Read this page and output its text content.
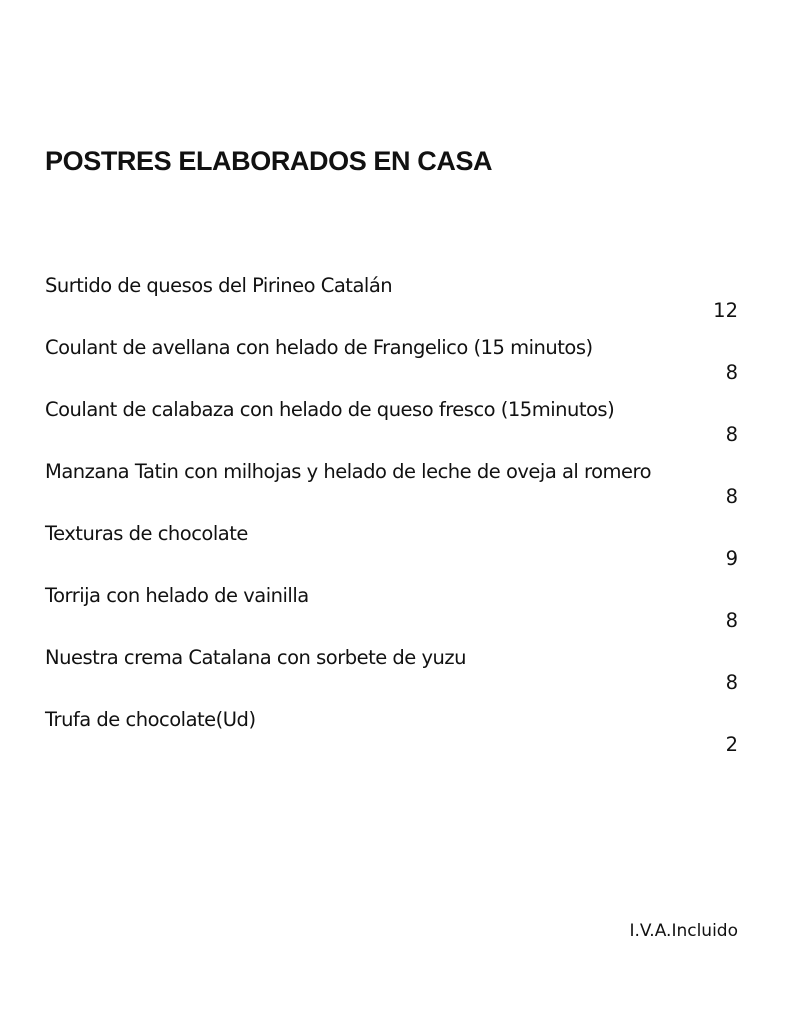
POSTRES ELABORADOS EN CASA
Surtido de quesos del Pirineo Catalán
12
Coulant de avellana con helado de Frangelico (15 minutos)
8
Coulant de calabaza con helado de queso fresco (15minutos)
8
Manzana Tatin con milhojas y helado de leche de oveja al romero
8
Texturas de chocolate
9
Torrija con helado de vainilla
8
Nuestra crema Catalana con sorbete de yuzu
8
Trufa de chocolate(Ud)
2
I.V.A.Incluido
